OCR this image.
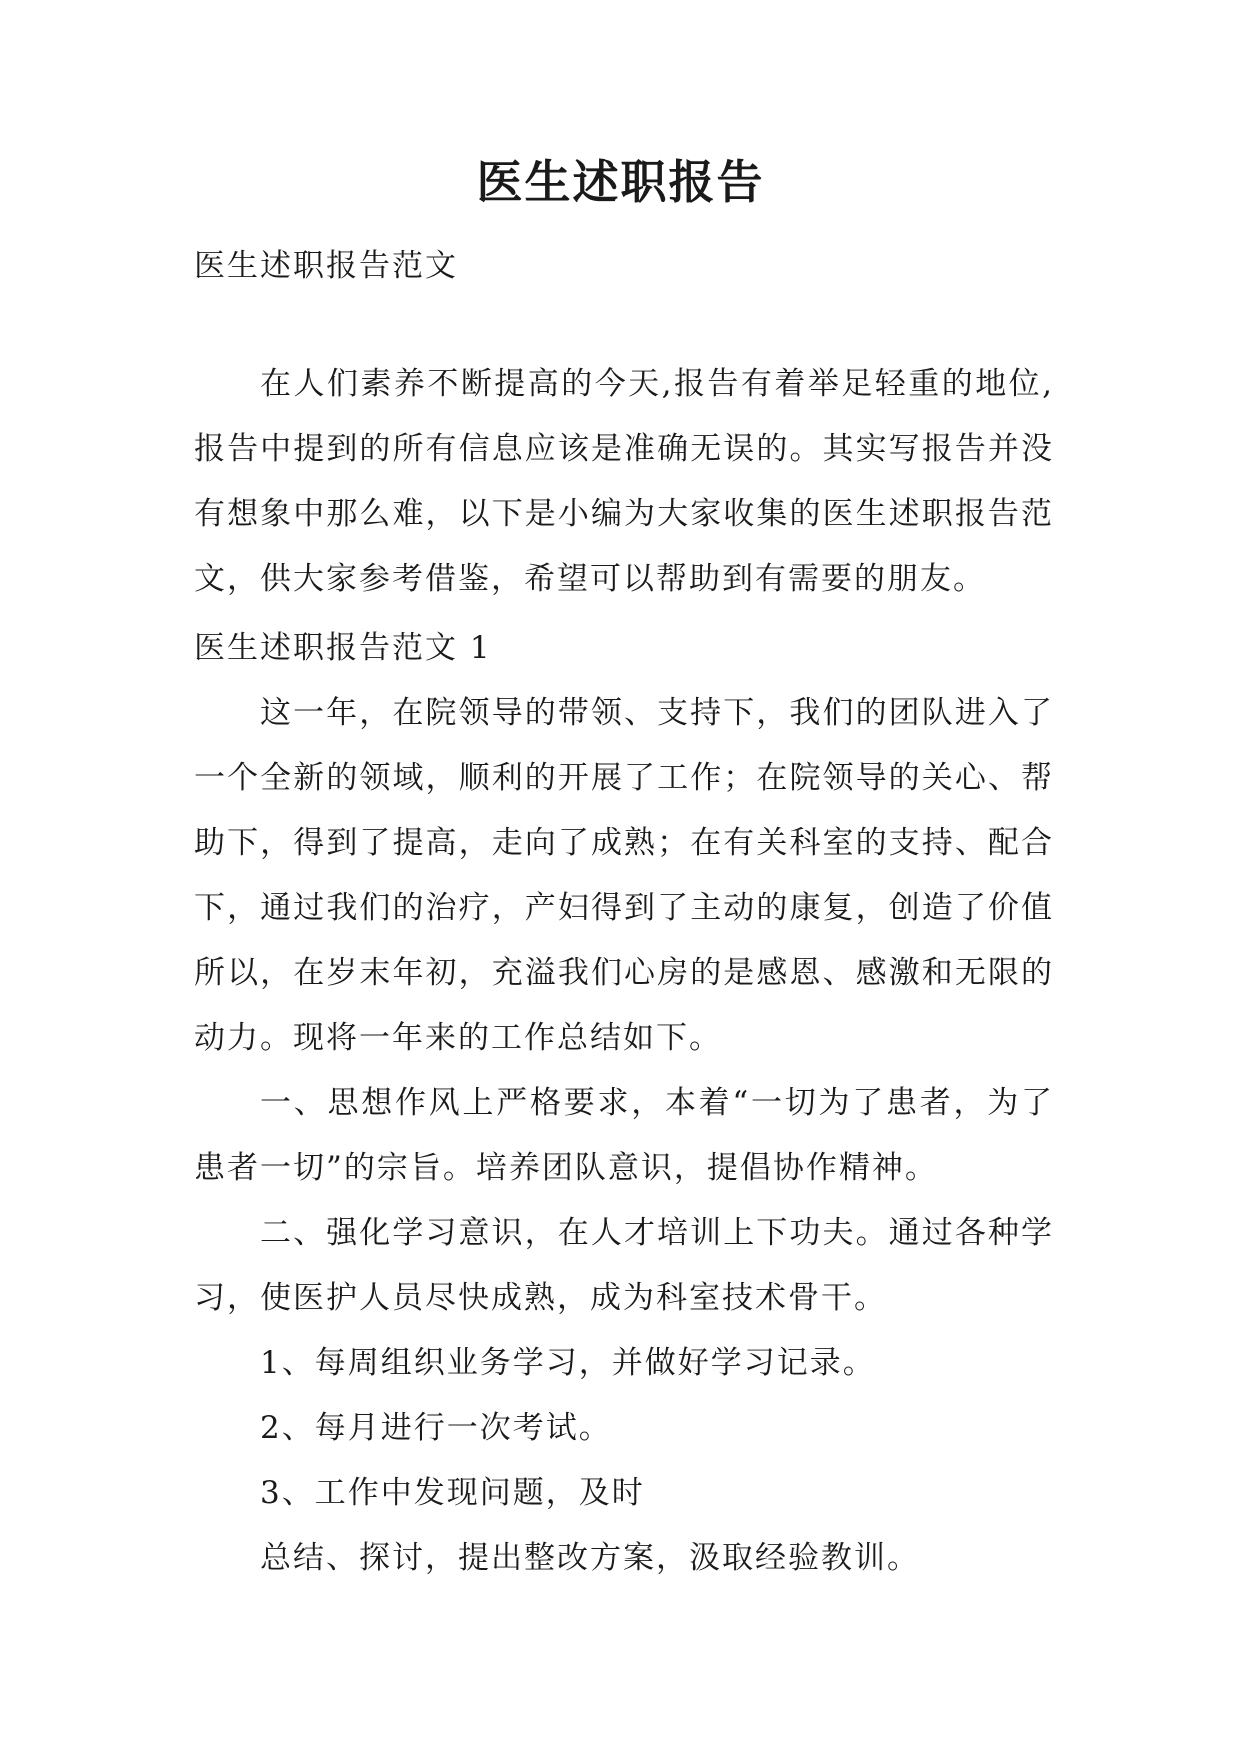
医生述职报告

医生述职报告范文

在人们素养不断提高的今天,报告有着举足轻重的地位,报告中提到的所有信息应该是准确无误的。其实写报告并没有想象中那么难，以下是小编为大家收集的医生述职报告范文，供大家参考借鉴，希望可以帮助到有需要的朋友。

医生述职报告范文 1

这一年，在院领导的带领、支持下，我们的团队进入了一个全新的领域，顺利的开展了工作；在院领导的关心、帮助下，得到了提高，走向了成熟；在有关科室的支持、配合下，通过我们的治疗，产妇得到了主动的康复，创造了价值所以，在岁末年初，充溢我们心房的是感恩、感激和无限的动力。现将一年来的工作总结如下。

一、思想作风上严格要求，本着“一切为了患者，为了患者一切”的宗旨。培养团队意识，提倡协作精神。

二、强化学习意识，在人才培训上下功夫。通过各种学习，使医护人员尽快成熟，成为科室技术骨干。

1、每周组织业务学习，并做好学习记录。

2、每月进行一次考试。

3、工作中发现问题，及时

总结、探讨，提出整改方案，汲取经验教训。
